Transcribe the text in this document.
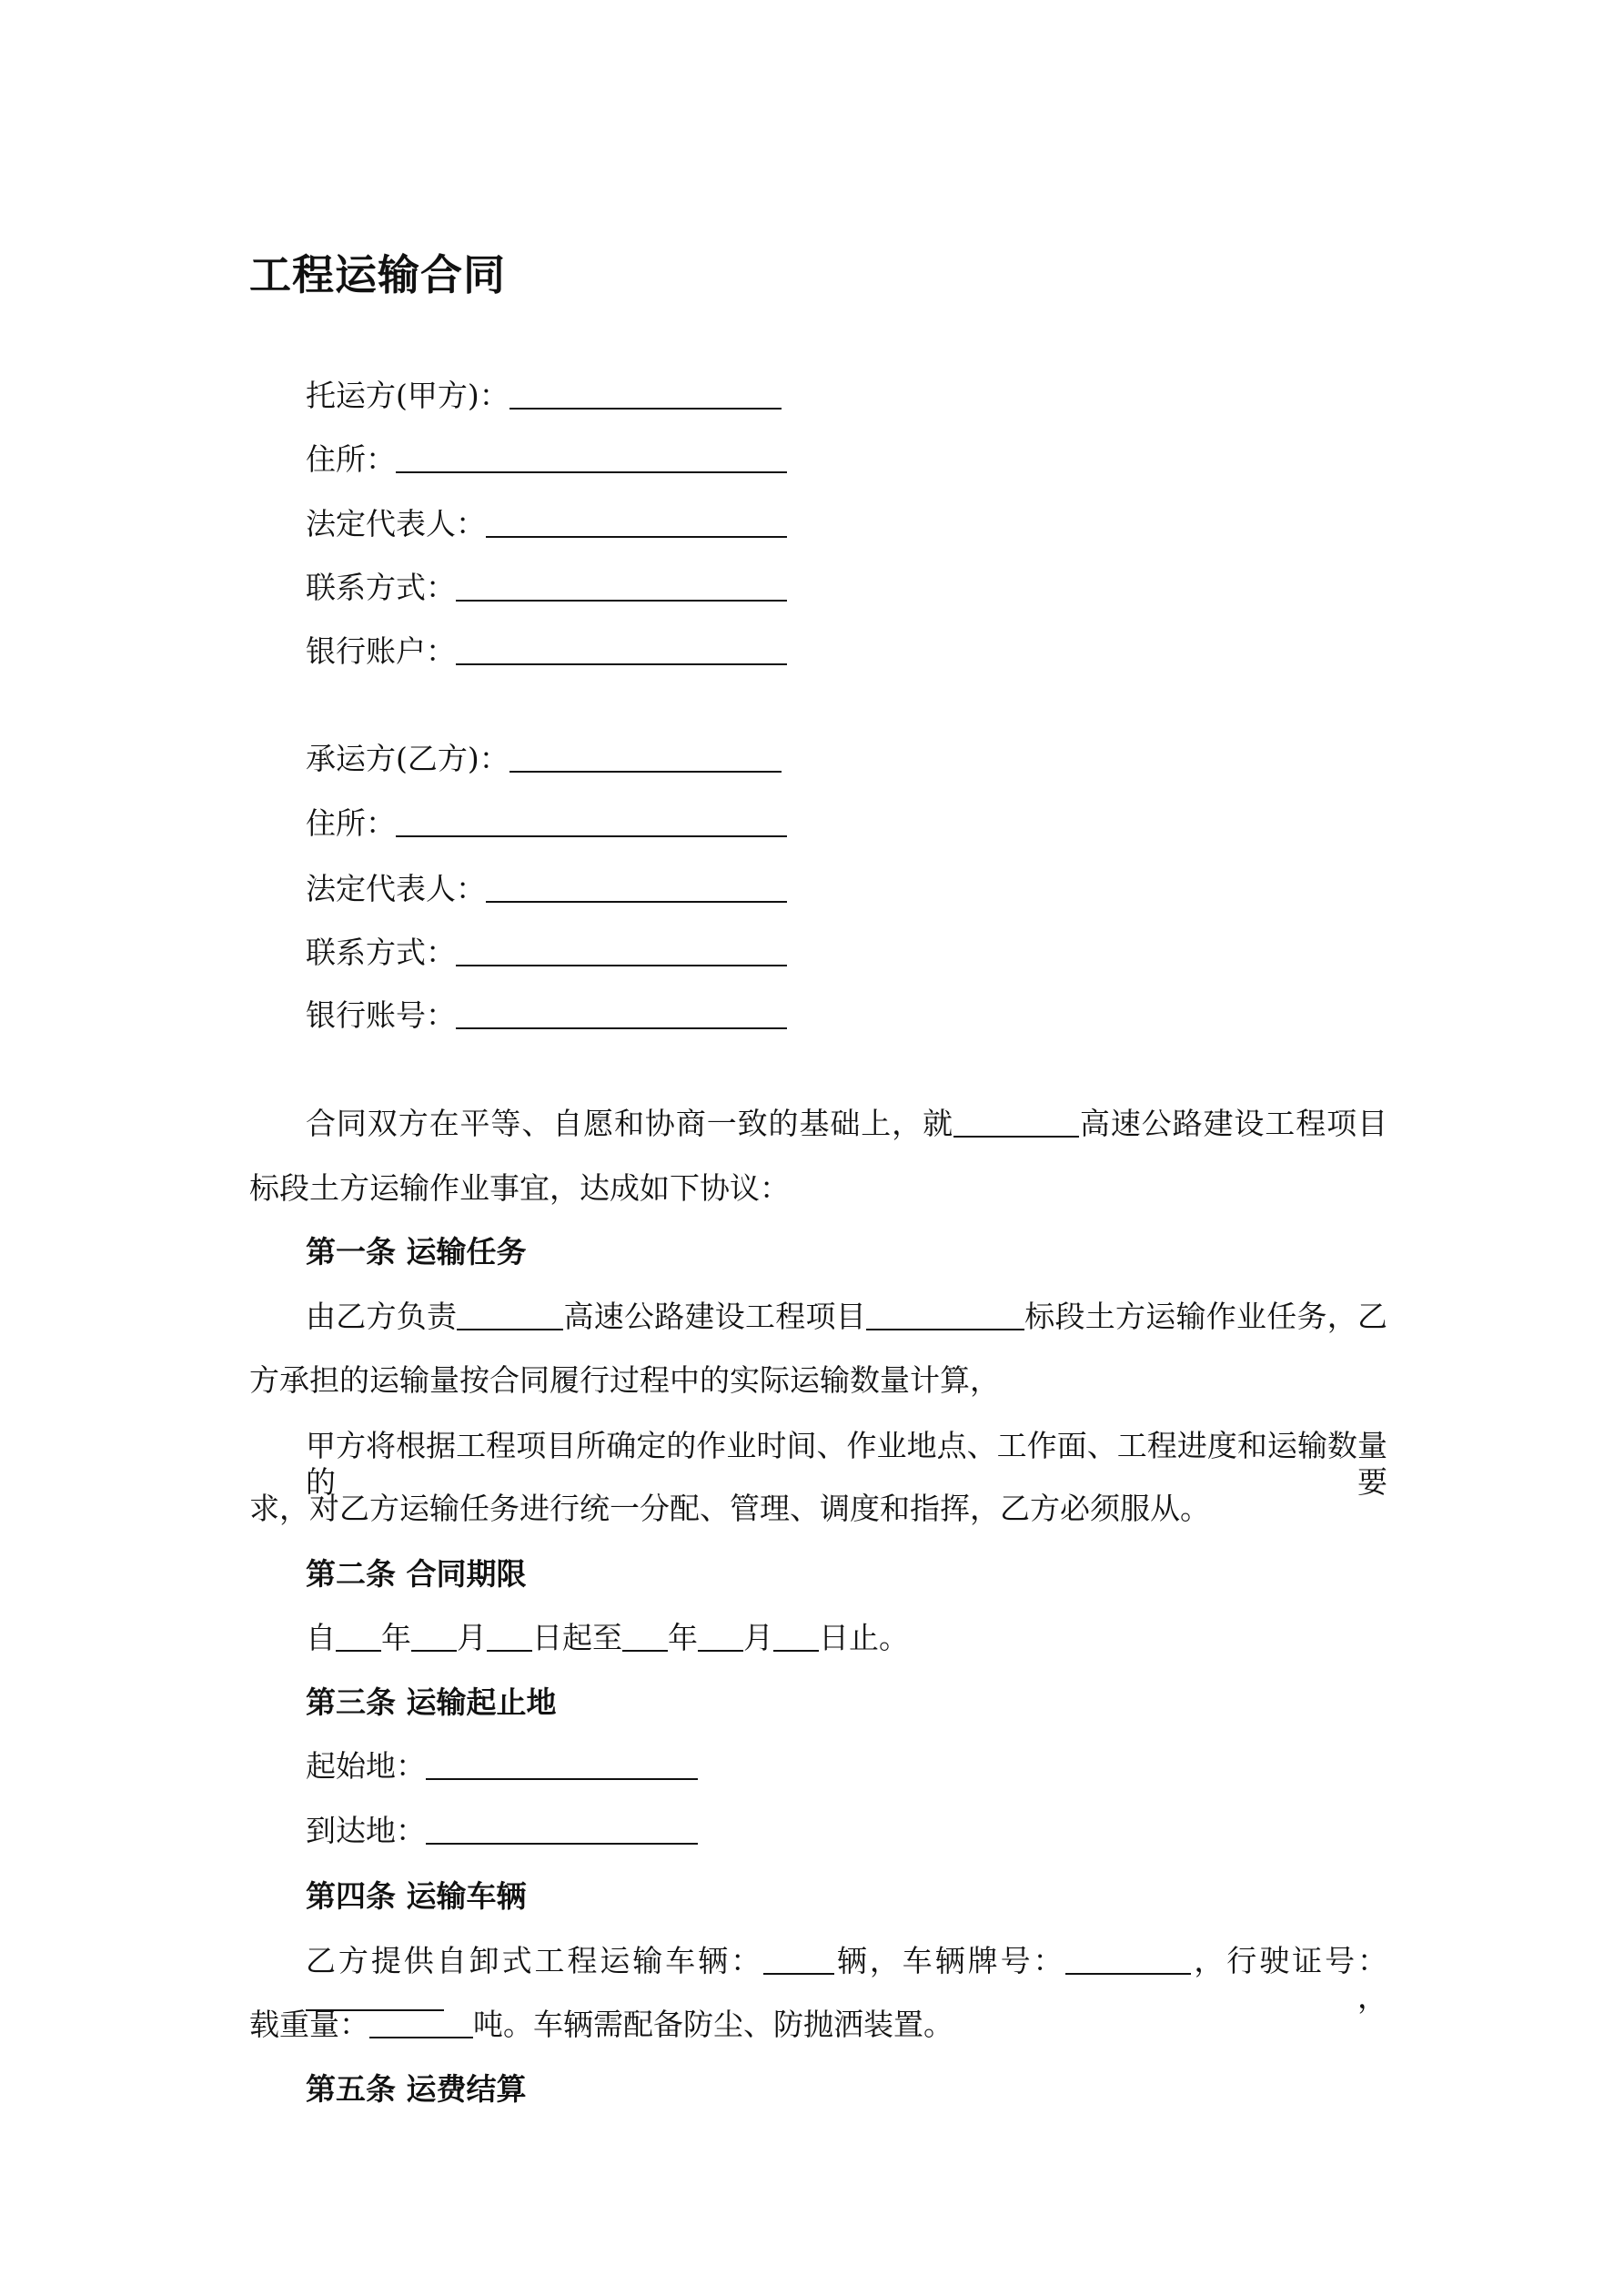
工程运输合同
托运方(甲方)：
住所：
法定代表人：
联系方式：
银行账户：
承运方(乙方)：
住所：
法定代表人：
联系方式：
银行账号：
合同双方在平等、自愿和协商一致的基础上，就	高速公路建设工程项目
标段土方运输作业事宜，达成如下协议：
第一条 运输任务
由乙方负责	高速公路建设工程项目	标段土方运输作业任务，乙
方承担的运输量按合同履行过程中的实际运输数量计算，
甲方将根据工程项目所确定的作业时间、作业地点、工作面、工程进度和运输数量的要
求，对乙方运输任务进行统一分配、管理、调度和指挥，乙方必须服从。
第二条 合同期限
自 年 月 日起至 年 月 日止。
第三条 运输起止地
起始地：
到达地：
第四条 运输车辆
乙方提供自卸式工程运输车辆： 辆，车辆牌号：	，行驶证号：，
载重量：	吨。车辆需配备防尘、防抛洒装置。
第五条 运费结算
